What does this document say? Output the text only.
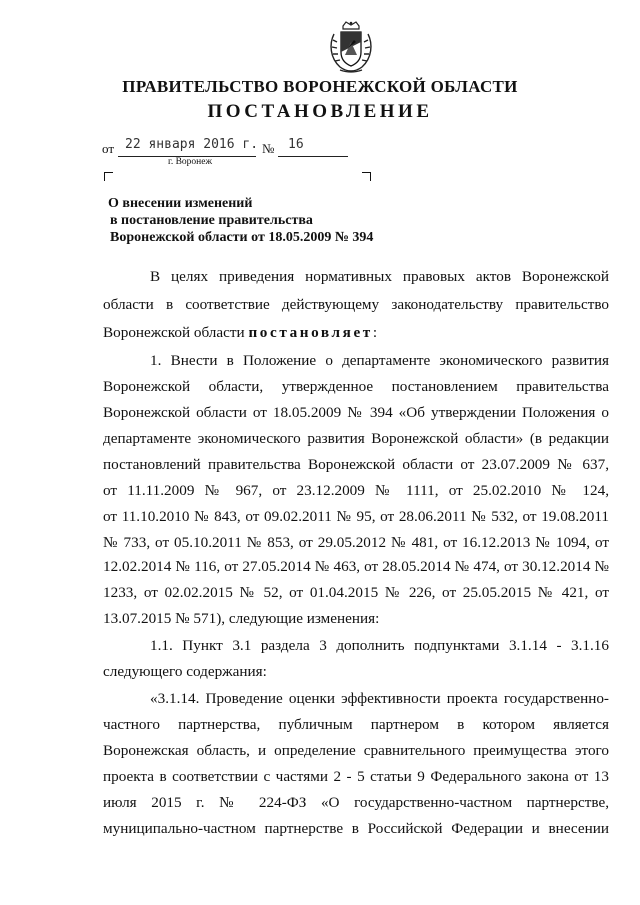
ПРАВИТЕЛЬСТВО ВОРОНЕЖСКОЙ ОБЛАСТИ
ПОСТАНОВЛЕНИЕ
от 22 января 2016 г. № 16
г. Воронеж
О внесении изменений
в постановление правительства
Воронежской области от 18.05.2009 № 394
В целях приведения нормативных правовых актов Воронежской
области в соответствие действующему законодательству правительство
Воронежской области постановляет:
1. Внести в Положение о департаменте экономического развития
Воронежской области, утвержденное постановлением правительства
Воронежской области от 18.05.2009 № 394 «Об утверждении Положения о
департаменте экономического развития Воронежской области» (в редакции
постановлений правительства Воронежской области от 23.07.2009 № 637,
от 11.11.2009 № 967, от 23.12.2009 № 1111, от 25.02.2010 № 124,
от 11.10.2010 № 843, от 09.02.2011 № 95, от 28.06.2011 № 532, от 19.08.2011
№ 733, от 05.10.2011 № 853, от 29.05.2012 № 481, от 16.12.2013 № 1094, от
12.02.2014 № 116, от 27.05.2014 № 463, от 28.05.2014 № 474, от 30.12.2014 №
1233, от 02.02.2015 № 52, от 01.04.2015 № 226, от 25.05.2015 № 421, от
13.07.2015 № 571), следующие изменения:
1.1. Пункт 3.1 раздела 3 дополнить подпунктами 3.1.14 - 3.1.16
следующего содержания:
«3.1.14. Проведение оценки эффективности проекта государственно-
частного партнерства, публичным партнером в котором является
Воронежская область, и определение сравнительного преимущества этого
проекта в соответствии с частями 2 - 5 статьи 9 Федерального закона от 13
июля 2015 г. № 224-ФЗ «О государственно-частном партнерстве,
муниципально-частном партнерстве в Российской Федерации и внесении
